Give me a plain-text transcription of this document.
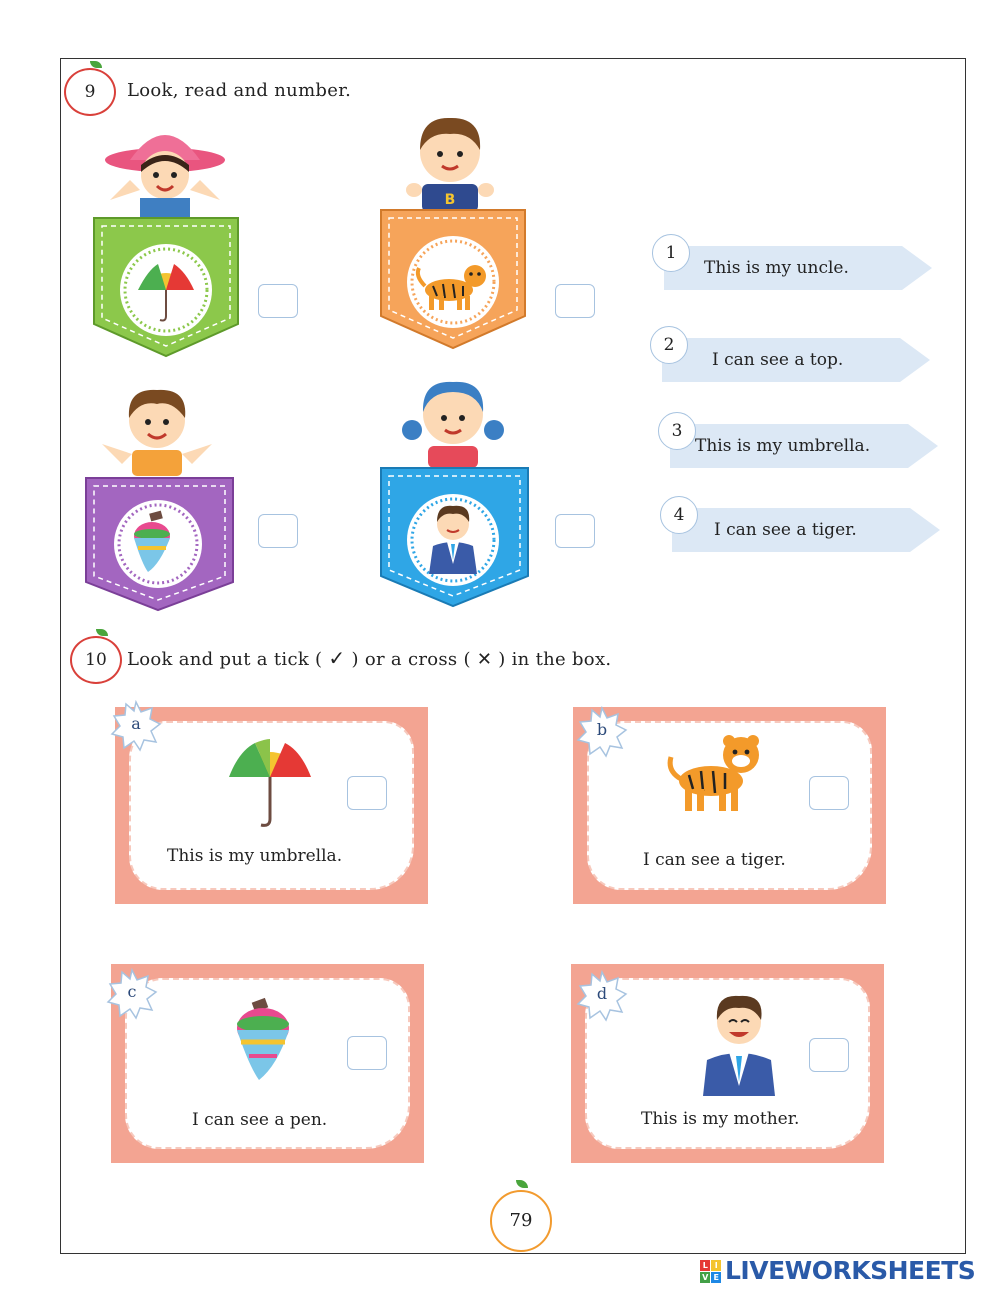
9	Look, read and number.
B
1
This is my uncle.
2
I can see a top.
3
This is my umbrella.
4
I can see a tiger.
10	Look and put a tick ( ✓ ) or a cross ( ✕ ) in the box.
This is my umbrella.
a
I can see a tiger.
b
I can see a pen.
c
This is my mother.
d
79
L I
V E LIVEWORKSHEETS
